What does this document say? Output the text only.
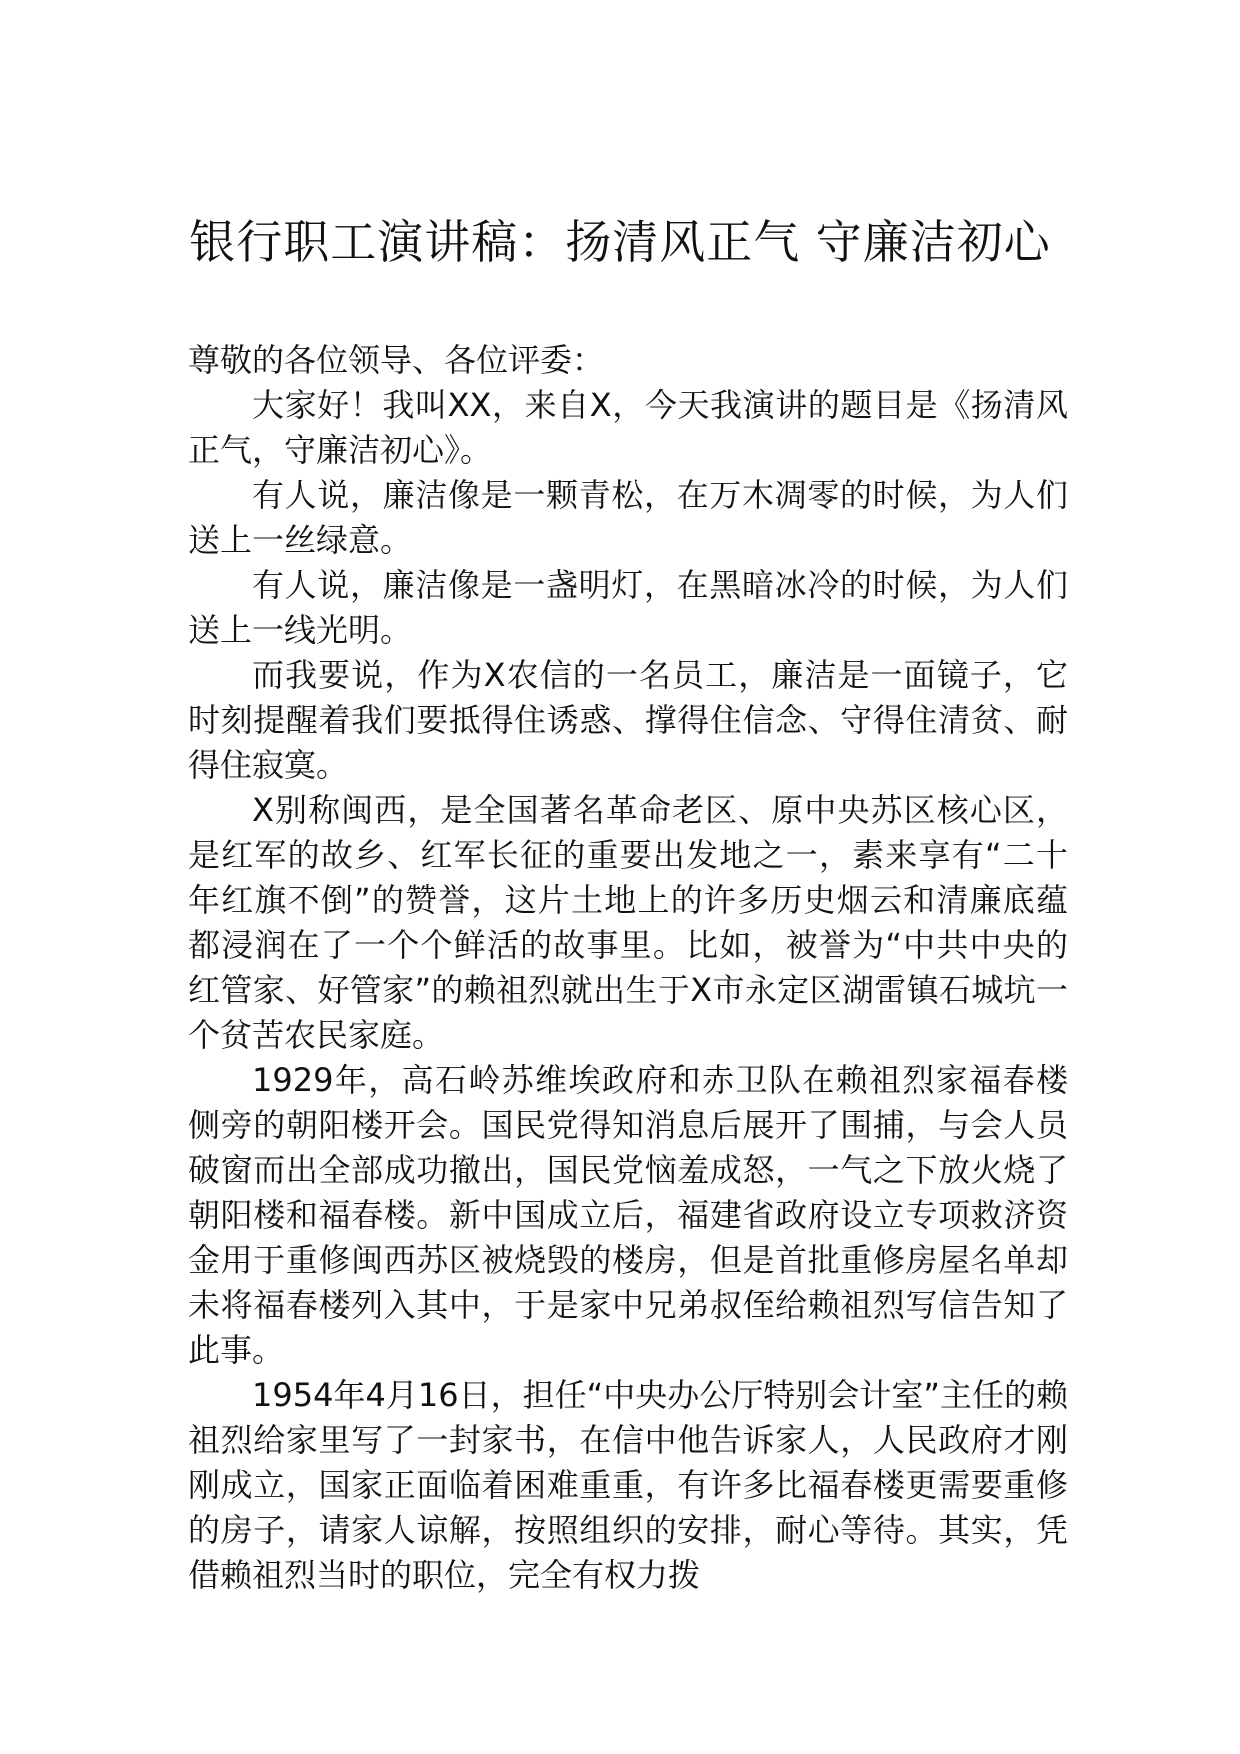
银行职工演讲稿：扬清风正气 守廉洁初心

尊敬的各位领导、各位评委：

大家好！我叫XX，来自X，今天我演讲的题目是《扬清风正气，守廉洁初心》。

有人说，廉洁像是一颗青松，在万木凋零的时候，为人们送上一丝绿意。

有人说，廉洁像是一盏明灯，在黑暗冰冷的时候，为人们送上一线光明。

而我要说，作为X农信的一名员工，廉洁是一面镜子，它时刻提醒着我们要抵得住诱惑、撑得住信念、守得住清贫、耐得住寂寞。

X别称闽西，是全国著名革命老区、原中央苏区核心区，是红军的故乡、红军长征的重要出发地之一，素来享有“二十年红旗不倒”的赞誉，这片土地上的许多历史烟云和清廉底蕴都浸润在了一个个鲜活的故事里。比如，被誉为“中共中央的红管家、好管家”的赖祖烈就出生于X市永定区湖雷镇石城坑一个贫苦农民家庭。

1929年，高石岭苏维埃政府和赤卫队在赖祖烈家福春楼侧旁的朝阳楼开会。国民党得知消息后展开了围捕，与会人员破窗而出全部成功撤出，国民党恼羞成怒，一气之下放火烧了朝阳楼和福春楼。新中国成立后，福建省政府设立专项救济资金用于重修闽西苏区被烧毁的楼房，但是首批重修房屋名单却未将福春楼列入其中，于是家中兄弟叔侄给赖祖烈写信告知了此事。

1954年4月16日，担任“中央办公厅特别会计室”主任的赖祖烈给家里写了一封家书，在信中他告诉家人，人民政府才刚刚成立，国家正面临着困难重重，有许多比福春楼更需要重修的房子，请家人谅解，按照组织的安排，耐心等待。其实，凭借赖祖烈当时的职位，完全有权力拨
